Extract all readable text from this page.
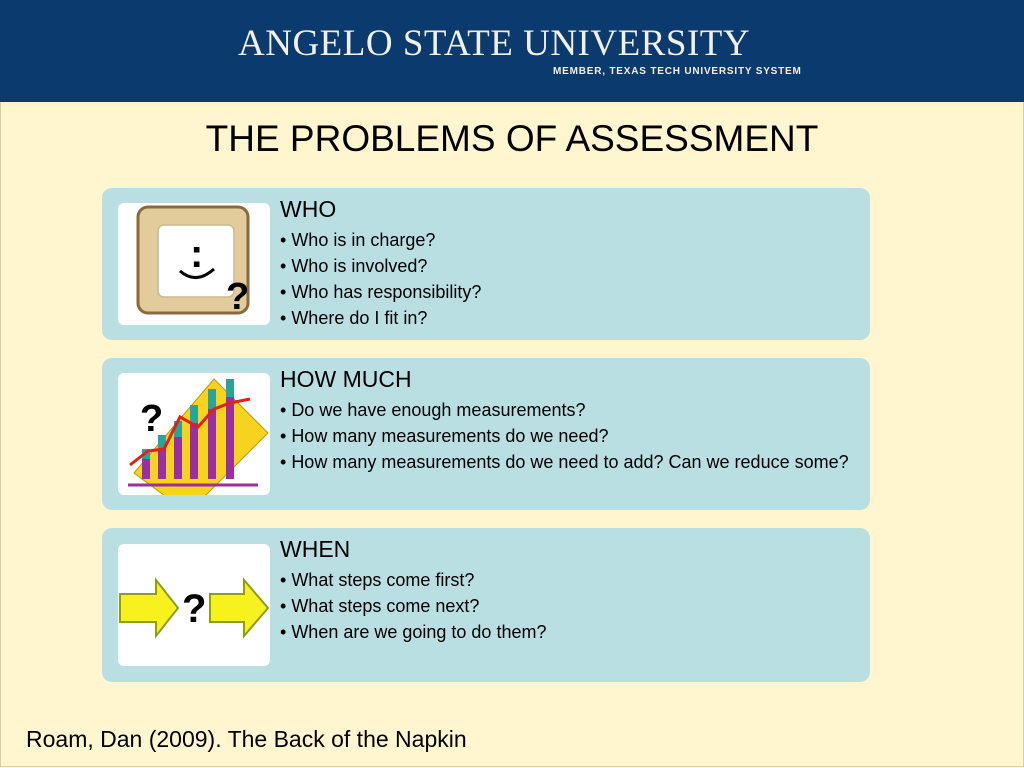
ANGELO STATE UNIVERSITY
MEMBER, TEXAS TECH UNIVERSITY SYSTEM
THE PROBLEMS OF ASSESSMENT
:
?
WHO
• Who is in charge?
• Who is involved?
• Who has responsibility?
• Where do I fit in?
?
HOW MUCH
• Do we have enough measurements?
• How many measurements do we need?
• How many measurements do we need to add? Can we reduce some?
?
WHEN
• What steps come first?
• What steps come next?
• When are we going to do them?
Roam, Dan (2009). The Back of the Napkin
